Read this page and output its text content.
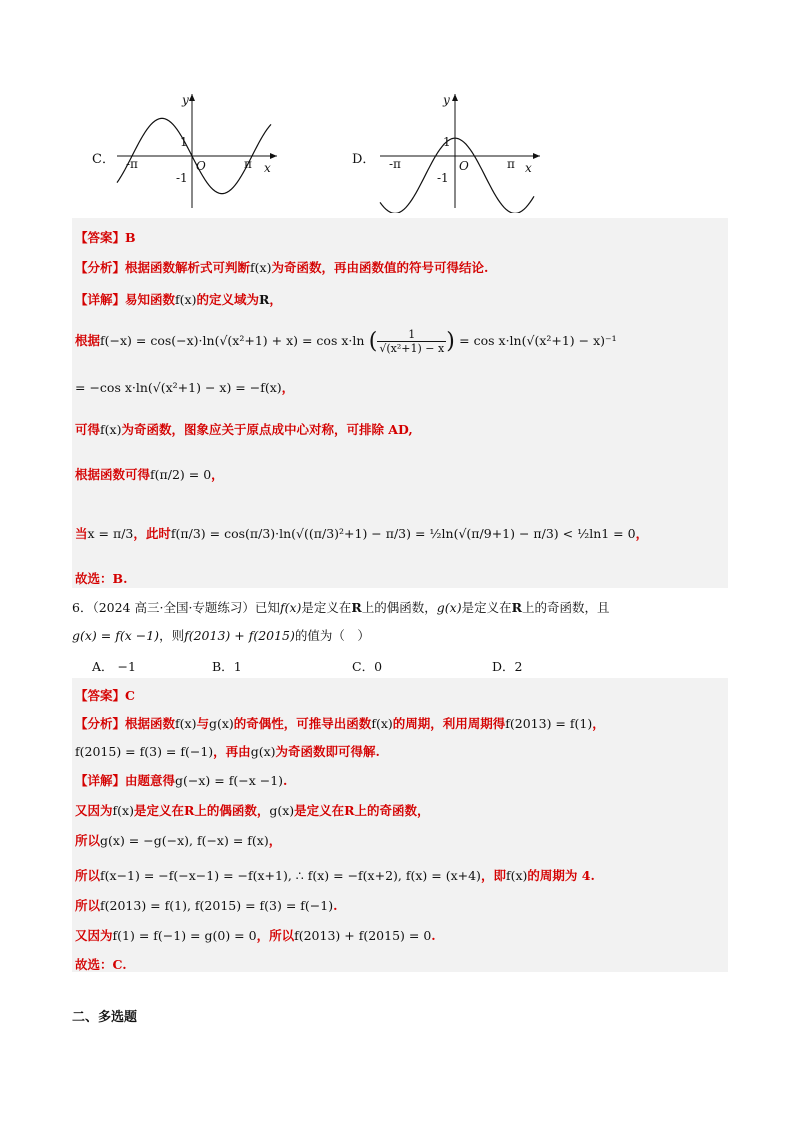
C．
y
x
1
-1
O	π
-π	D．
y
x
1
-1
O	π
-π
【答案】B
【分析】根据函数解析式可判断f(x)为奇函数，再由函数值的符号可得结论.
【详解】易知函数f(x)的定义域为R，
根据f(−x) = cos(−x)·ln(√(x²+1) + x) = cos x·ln ( $\frac{1}{\text{√(x²+1) − x}}$ ) = cos x·ln(√(x²+1) − x)⁻¹
= −cos x·ln(√(x²+1) − x) = −f(x)，
可得f(x)为奇函数，图象应关于原点成中心对称，可排除 AD,
根据函数可得f(π/2) = 0，
当x = π/3，此时f(π/3) = cos(π/3)·ln(√((π/3)²+1) − π/3) = ½ln(√(π/9+1) − π/3) < ½ln1 = 0，
故选：B.
6．（2024 高三·全国·专题练习）已知f(x)是定义在R上的偶函数，g(x)是定义在R上的奇函数，且
g(x) = f(x −1)，则f(2013) + f(2015)的值为（　）
A． −1	B．1	C．0	D．2
【答案】C
【分析】根据函数f(x)与g(x)的奇偶性，可推导出函数f(x)的周期，利用周期得f(2013) = f(1)，
f(2015) = f(3) = f(−1)，再由g(x)为奇函数即可得解.
【详解】由题意得g(−x) = f(−x −1).
又因为f(x)是定义在R上的偶函数，g(x)是定义在R上的奇函数，
所以g(x) = −g(−x), f(−x) = f(x)，
所以f(x−1) = −f(−x−1) = −f(x+1), ∴ f(x) = −f(x+2), f(x) = (x+4)，即f(x)的周期为 4.
所以f(2013) = f(1), f(2015) = f(3) = f(−1).
又因为f(1) = f(−1) = g(0) = 0，所以f(2013) + f(2015) = 0.
故选：C.
二、多选题
